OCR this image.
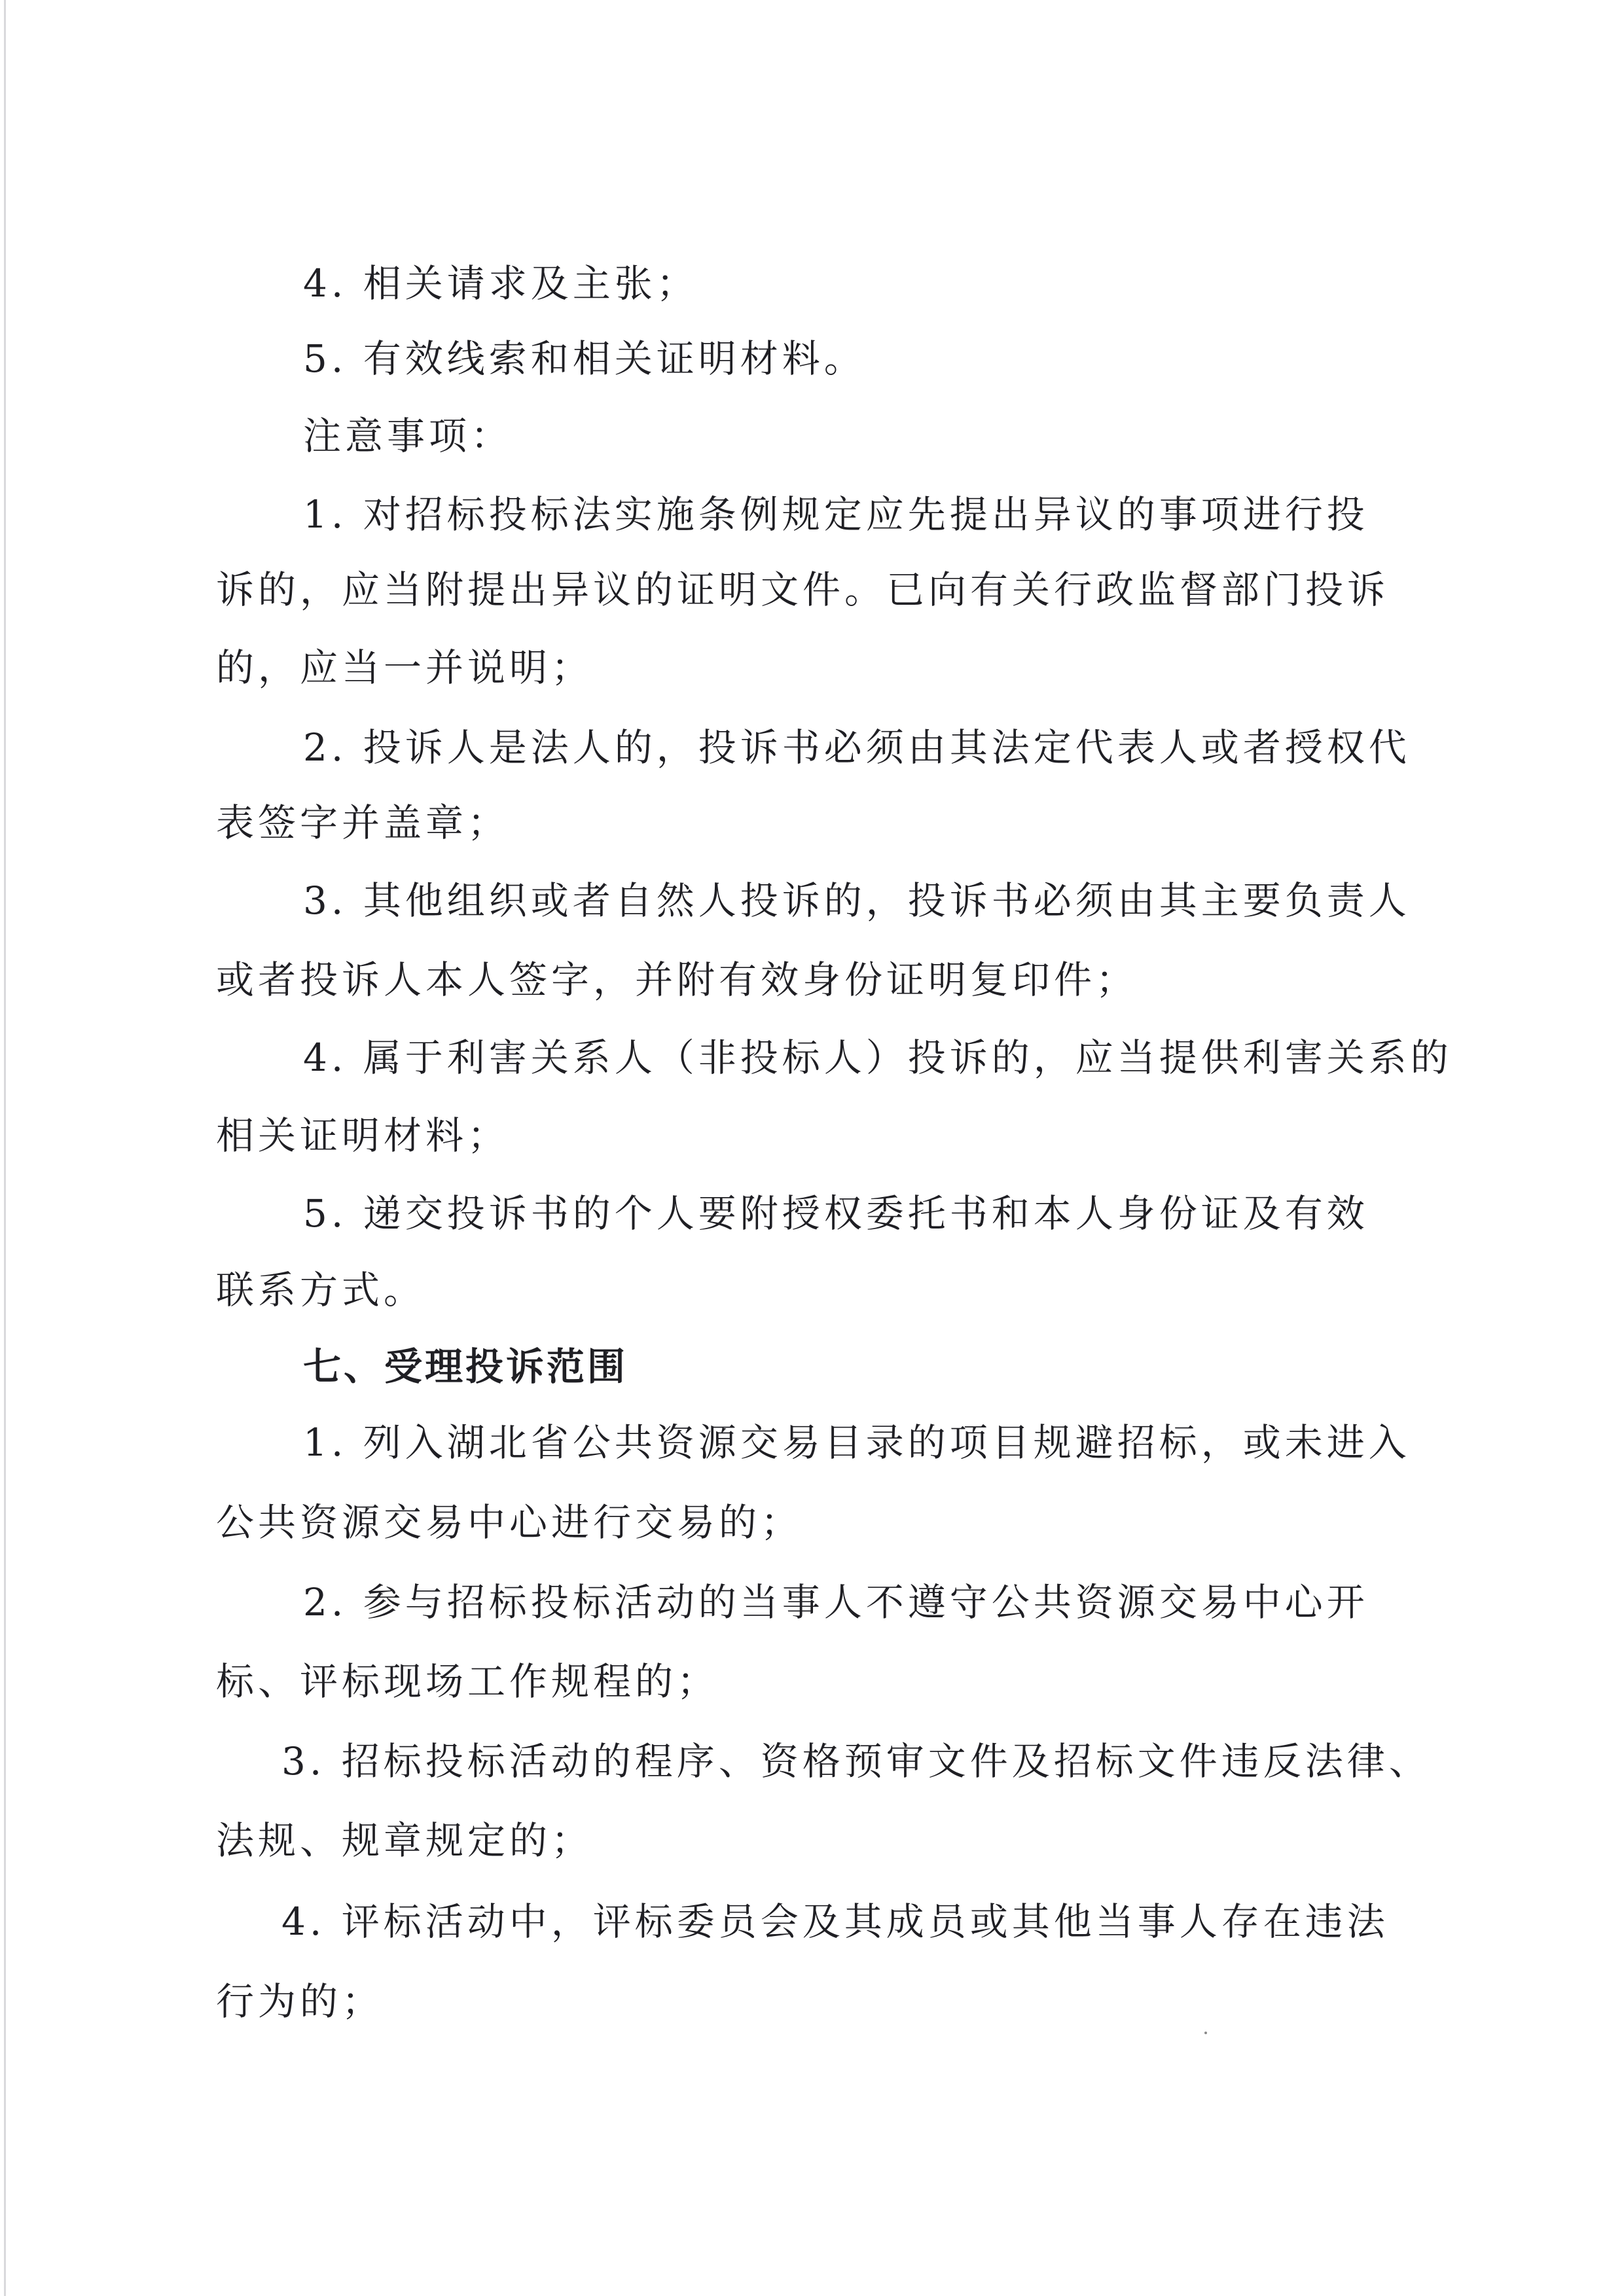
4. 相关请求及主张；
5. 有效线索和相关证明材料。
注意事项：
1. 对招标投标法实施条例规定应先提出异议的事项进行投
诉的，应当附提出异议的证明文件。已向有关行政监督部门投诉
的，应当一并说明；
2. 投诉人是法人的，投诉书必须由其法定代表人或者授权代
表签字并盖章；
3. 其他组织或者自然人投诉的，投诉书必须由其主要负责人
或者投诉人本人签字，并附有效身份证明复印件；
4. 属于利害关系人（非投标人）投诉的，应当提供利害关系的
相关证明材料；
5. 递交投诉书的个人要附授权委托书和本人身份证及有效
联系方式。
七、受理投诉范围
1. 列入湖北省公共资源交易目录的项目规避招标，或未进入
公共资源交易中心进行交易的；
2. 参与招标投标活动的当事人不遵守公共资源交易中心开
标、评标现场工作规程的；
3. 招标投标活动的程序、资格预审文件及招标文件违反法律、
法规、规章规定的；
4. 评标活动中，评标委员会及其成员或其他当事人存在违法
行为的；
